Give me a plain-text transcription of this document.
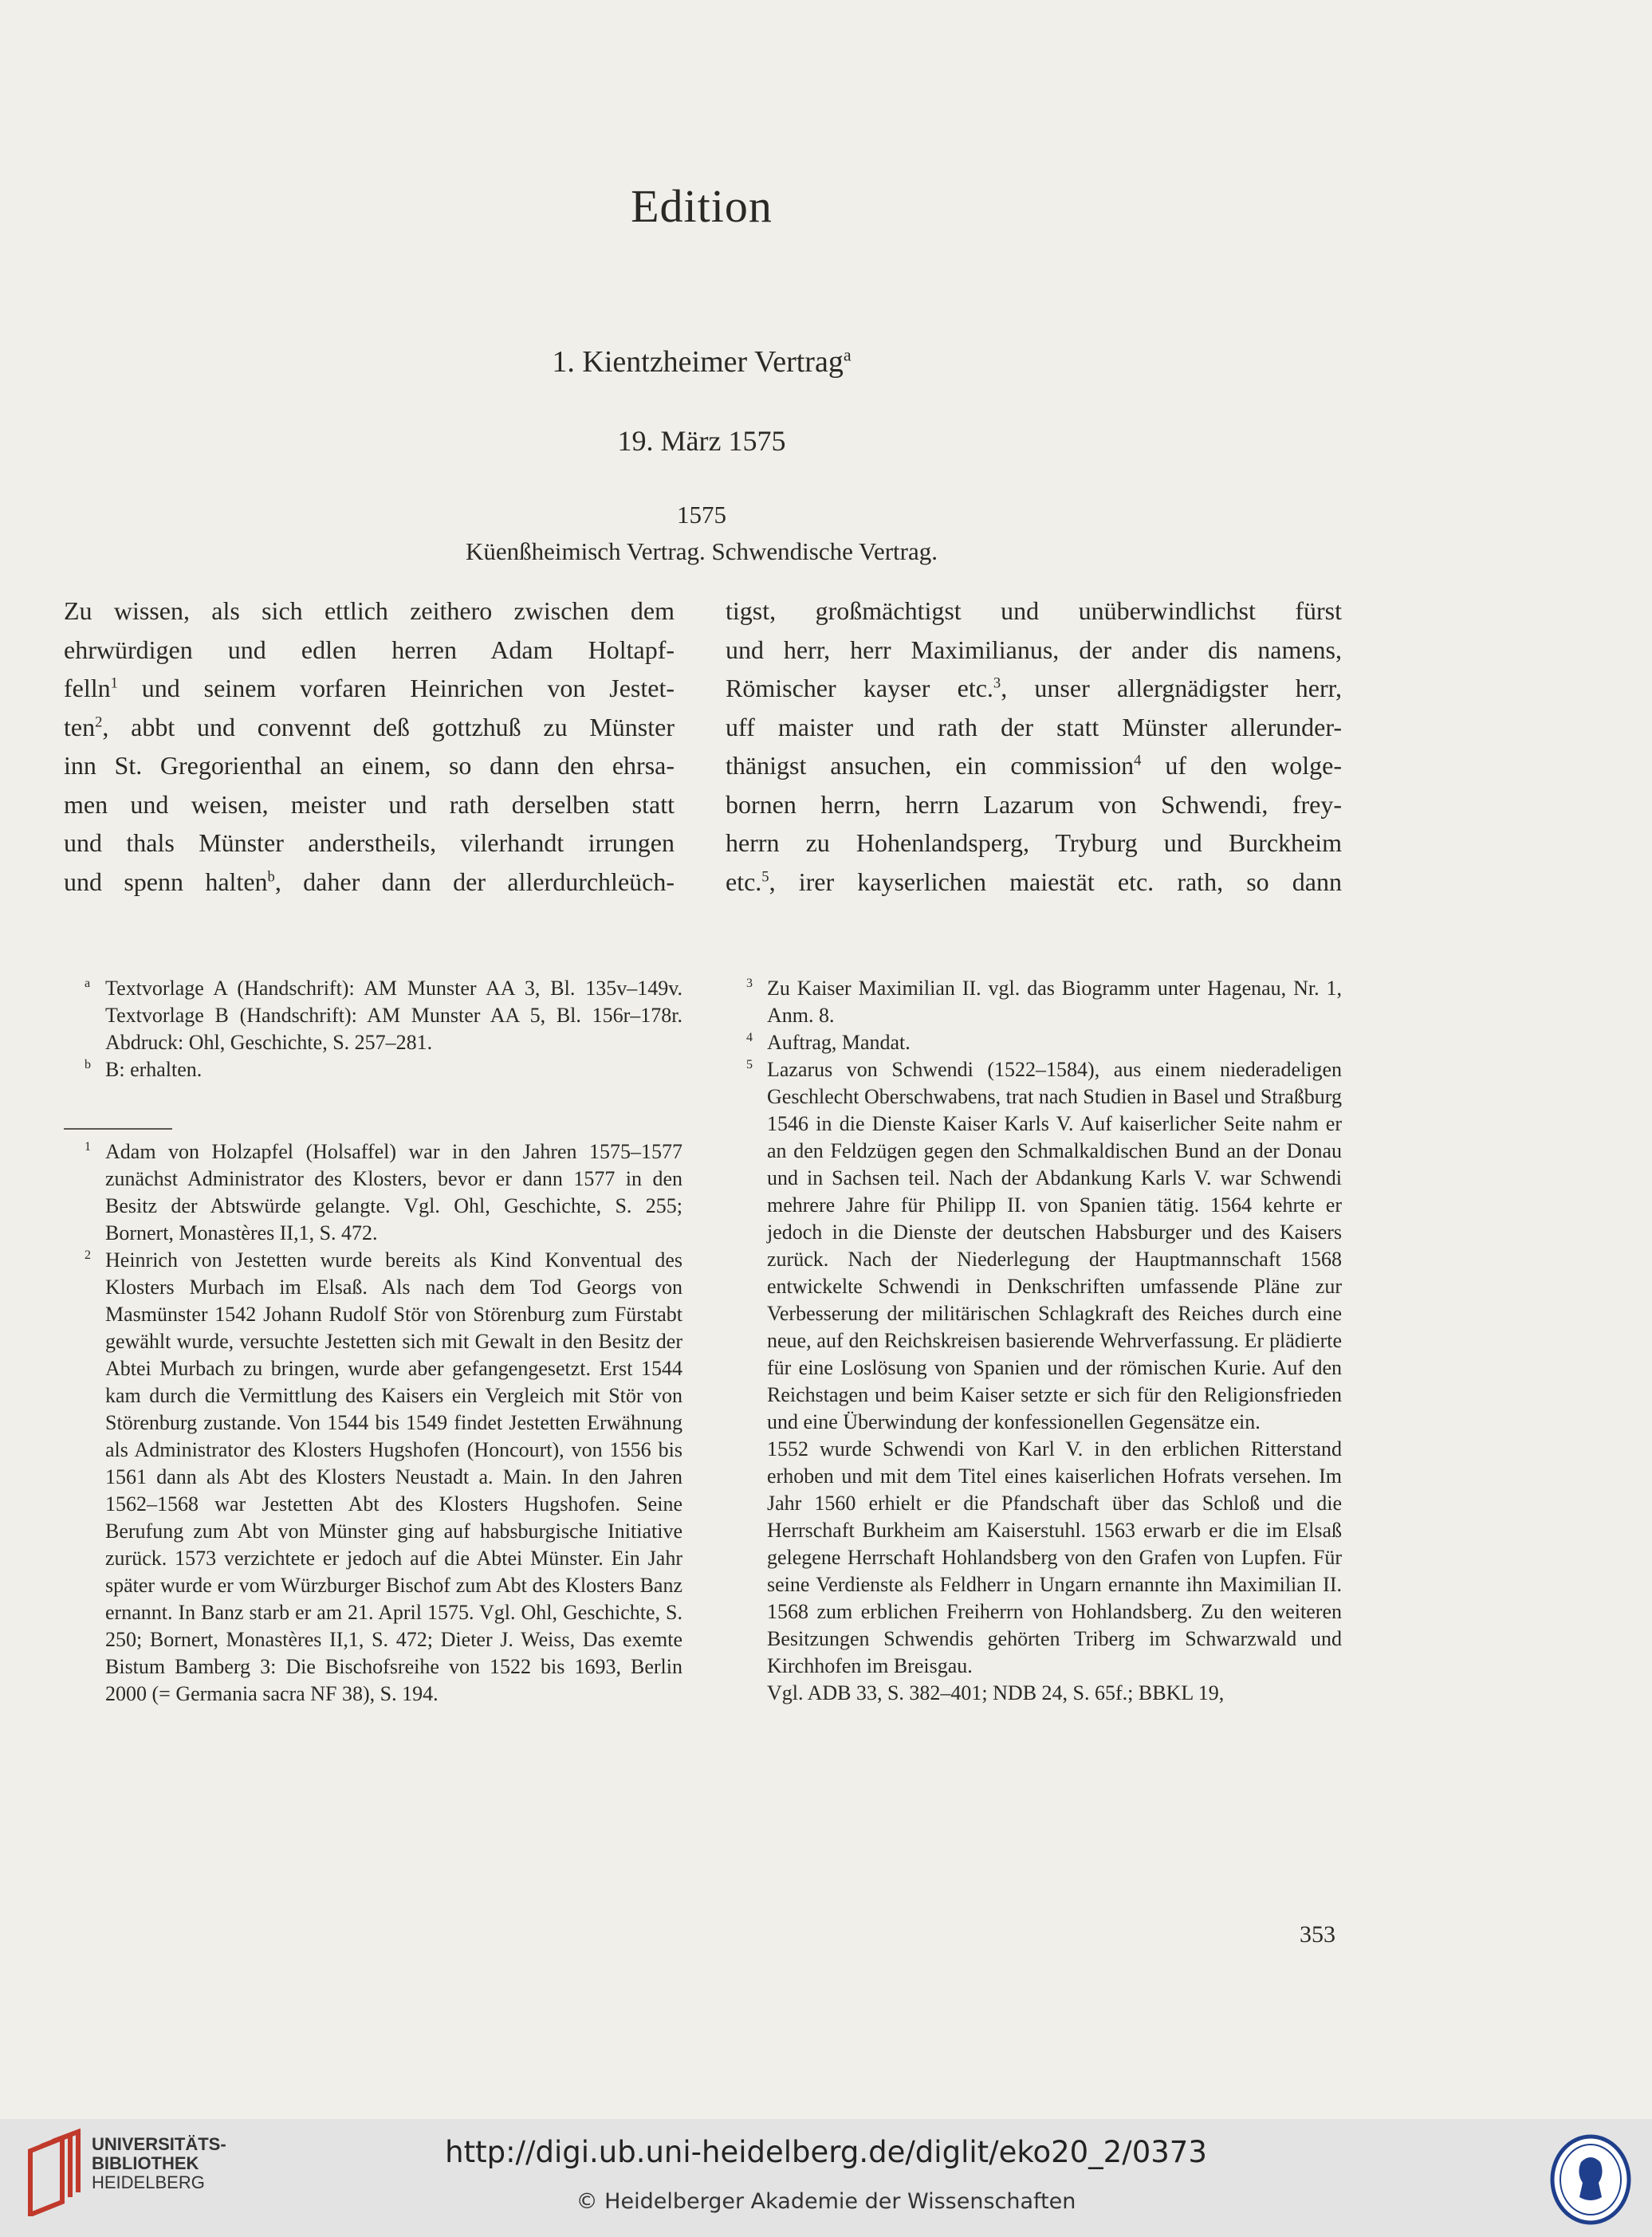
Edition
1. Kientzheimer Vertrag$^a$
19. März 1575
1575
Küenßheimisch Vertrag. Schwendische Vertrag.
Zu wissen, als sich ettlich zeithero zwischen dem
ehrwürdigen und edlen herren Adam Holtapf-
felln$^1$ und seinem vorfaren Heinrichen von Jestet-
ten$^2$, abbt und convennt deß gottzhuß zu Münster
inn St. Gregorienthal an einem, so dann den ehrsa-
men und weisen, meister und rath derselben statt
und thals Münster anderstheils, vilerhandt irrungen
und spenn halten$^b$, daher dann der allerdurchleüch-
tigst, großmächtigst und unüberwindlichst fürst
und herr, herr Maximilianus, der ander dis namens,
Römischer kayser etc.$^3$, unser allergnädigster herr,
uff maister und rath der statt Münster allerunder-
thänigst ansuchen, ein commission$^4$ uf den wolge-
bornen herrn, herrn Lazarum von Schwendi, frey-
herrn zu Hohenlandsperg, Tryburg und Burckheim
etc.$^5$, irer kayserlichen maiestät etc. rath, so dann
a Textvorlage A (Handschrift): AM Munster AA 3, Bl. 135v–149v. Textvorlage B (Handschrift): AM Munster AA 5, Bl. 156r–178r. Abdruck: Ohl, Geschichte, S. 257–281.
b B: erhalten.
1 Adam von Holzapfel (Holsaffel) war in den Jahren 1575–1577 zunächst Administrator des Klosters, bevor er dann 1577 in den Besitz der Abtswürde gelangte. Vgl. Ohl, Geschichte, S. 255; Bornert, Monastères II,1, S. 472.
2 Heinrich von Jestetten wurde bereits als Kind Konventual des Klosters Murbach im Elsaß. Als nach dem Tod Georgs von Masmünster 1542 Johann Rudolf Stör von Störenburg zum Fürstabt gewählt wurde, versuchte Jestetten sich mit Gewalt in den Besitz der Abtei Murbach zu bringen, wurde aber gefangengesetzt. Erst 1544 kam durch die Vermittlung des Kaisers ein Vergleich mit Stör von Störenburg zustande. Von 1544 bis 1549 findet Jestetten Erwähnung als Administrator des Klosters Hugshofen (Honcourt), von 1556 bis 1561 dann als Abt des Klosters Neustadt a. Main. In den Jahren 1562–1568 war Jestetten Abt des Klosters Hugshofen. Seine Berufung zum Abt von Münster ging auf habsburgische Initiative zurück. 1573 verzichtete er jedoch auf die Abtei Münster. Ein Jahr später wurde er vom Würzburger Bischof zum Abt des Klosters Banz ernannt. In Banz starb er am 21. April 1575. Vgl. Ohl, Geschichte, S. 250; Bornert, Monastères II,1, S. 472; Dieter J. Weiss, Das exemte Bistum Bamberg 3: Die Bischofsreihe von 1522 bis 1693, Berlin 2000 (= Germania sacra NF 38), S. 194.
3 Zu Kaiser Maximilian II. vgl. das Biogramm unter Hagenau, Nr. 1, Anm. 8.
4 Auftrag, Mandat.
5 Lazarus von Schwendi (1522–1584), aus einem niederadeligen Geschlecht Oberschwabens, trat nach Studien in Basel und Straßburg 1546 in die Dienste Kaiser Karls V. Auf kaiserlicher Seite nahm er an den Feldzügen gegen den Schmalkaldischen Bund an der Donau und in Sachsen teil. Nach der Abdankung Karls V. war Schwendi mehrere Jahre für Philipp II. von Spanien tätig. 1564 kehrte er jedoch in die Dienste der deutschen Habsburger und des Kaisers zurück. Nach der Niederlegung der Hauptmannschaft 1568 entwickelte Schwendi in Denkschriften umfassende Pläne zur Verbesserung der militärischen Schlagkraft des Reiches durch eine neue, auf den Reichskreisen basierende Wehrverfassung. Er plädierte für eine Loslösung von Spanien und der römischen Kurie. Auf den Reichstagen und beim Kaiser setzte er sich für den Religionsfrieden und eine Überwindung der konfessionellen Gegensätze ein.
1552 wurde Schwendi von Karl V. in den erblichen Ritterstand erhoben und mit dem Titel eines kaiserlichen Hofrats versehen. Im Jahr 1560 erhielt er die Pfandschaft über das Schloß und die Herrschaft Burkheim am Kaiserstuhl. 1563 erwarb er die im Elsaß gelegene Herrschaft Hohlandsberg von den Grafen von Lupfen. Für seine Verdienste als Feldherr in Ungarn ernannte ihn Maximilian II. 1568 zum erblichen Freiherrn von Hohlandsberg. Zu den weiteren Besitzungen Schwendis gehörten Triberg im Schwarzwald und Kirchhofen im Breisgau.
Vgl. ADB 33, S. 382–401; NDB 24, S. 65f.; BBKL 19,
353
UNIVERSITÄTS-
BIBLIOTHEK
HEIDELBERG
http://digi.ub.uni-heidelberg.de/diglit/eko20_2/0373
© Heidelberger Akademie der Wissenschaften
